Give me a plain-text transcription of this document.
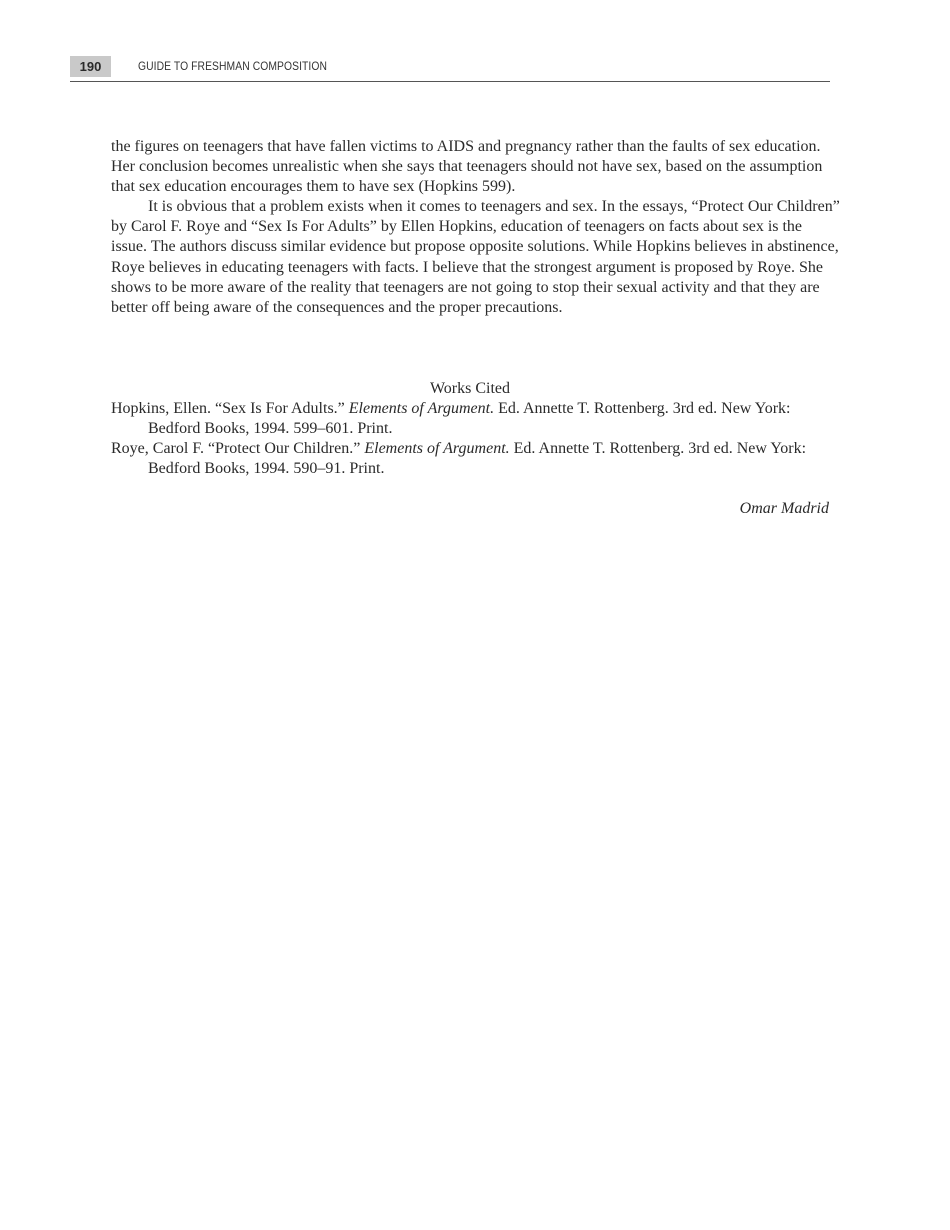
190	GUIDE TO FRESHMAN COMPOSITION

the figures on teenagers that have fallen victims to AIDS and pregnancy rather than the faults of sex education. Her conclusion becomes unrealistic when she says that teenagers should not have sex, based on the assumption that sex education encourages them to have sex (Hopkins 599).

It is obvious that a problem exists when it comes to teenagers and sex. In the essays, “Protect Our Children” by Carol F. Roye and “Sex Is For Adults” by Ellen Hopkins, education of teenagers on facts about sex is the issue. The authors discuss similar evidence but propose opposite solutions. While Hopkins believes in abstinence, Roye believes in educating teenagers with facts. I believe that the strongest argument is proposed by Roye. She shows to be more aware of the reality that teenagers are not going to stop their sexual activity and that they are better off being aware of the consequences and the proper precautions.

Works Cited

Hopkins, Ellen. “Sex Is For Adults.” Elements of Argument. Ed. Annette T. Rottenberg. 3rd ed. New York: Bedford Books, 1994. 599–601. Print.

Roye, Carol F. “Protect Our Children.” Elements of Argument. Ed. Annette T. Rottenberg. 3rd ed. New York: Bedford Books, 1994. 590–91. Print.

Omar Madrid
